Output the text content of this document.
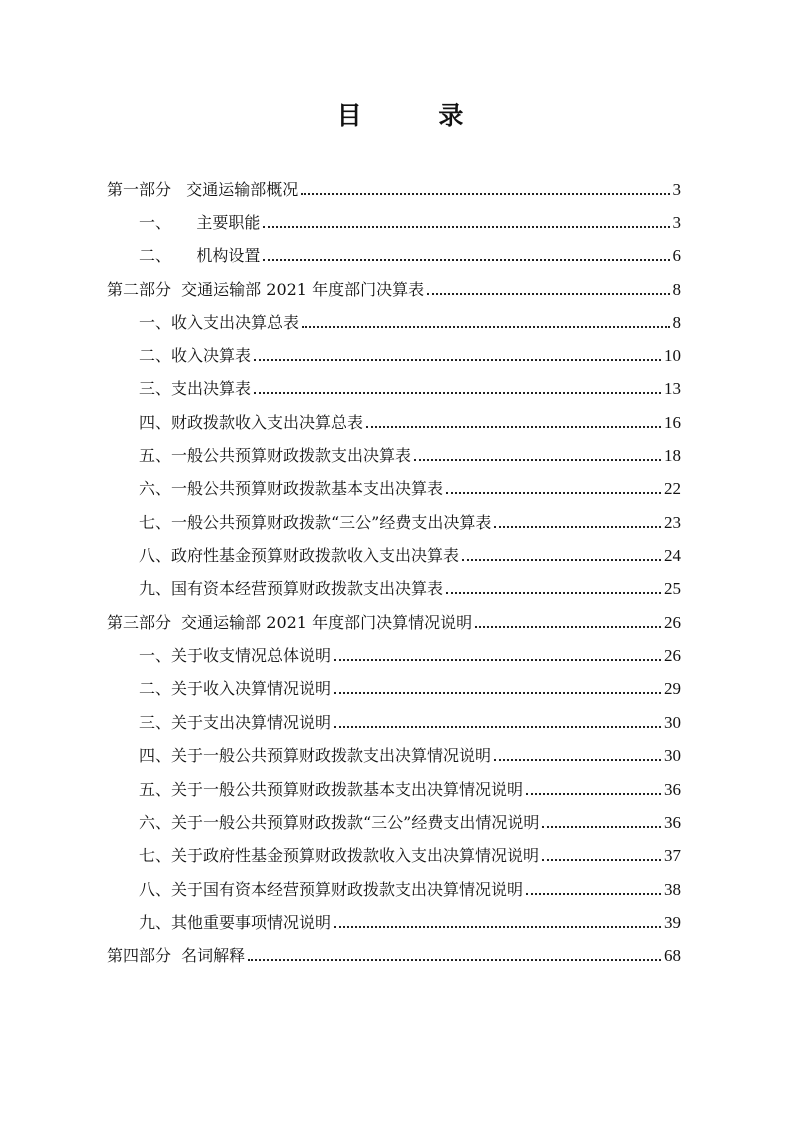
目 录
第一部分   交通运输部概况	3
一、     主要职能	3
二、     机构设置	6
第二部分  交通运输部 2021 年度部门决算表	8
一、收入支出决算总表	8
二、收入决算表	10
三、支出决算表	13
四、财政拨款收入支出决算总表	16
五、一般公共预算财政拨款支出决算表	18
六、一般公共预算财政拨款基本支出决算表	22
七、一般公共预算财政拨款“三公”经费支出决算表	23
八、政府性基金预算财政拨款收入支出决算表	24
九、国有资本经营预算财政拨款支出决算表	25
第三部分  交通运输部 2021 年度部门决算情况说明	26
一、关于收支情况总体说明	26
二、关于收入决算情况说明	29
三、关于支出决算情况说明	30
四、关于一般公共预算财政拨款支出决算情况说明	30
五、关于一般公共预算财政拨款基本支出决算情况说明	36
六、关于一般公共预算财政拨款“三公”经费支出情况说明	36
七、关于政府性基金预算财政拨款收入支出决算情况说明	37
八、关于国有资本经营预算财政拨款支出决算情况说明	38
九、其他重要事项情况说明	39
第四部分  名词解释	68
